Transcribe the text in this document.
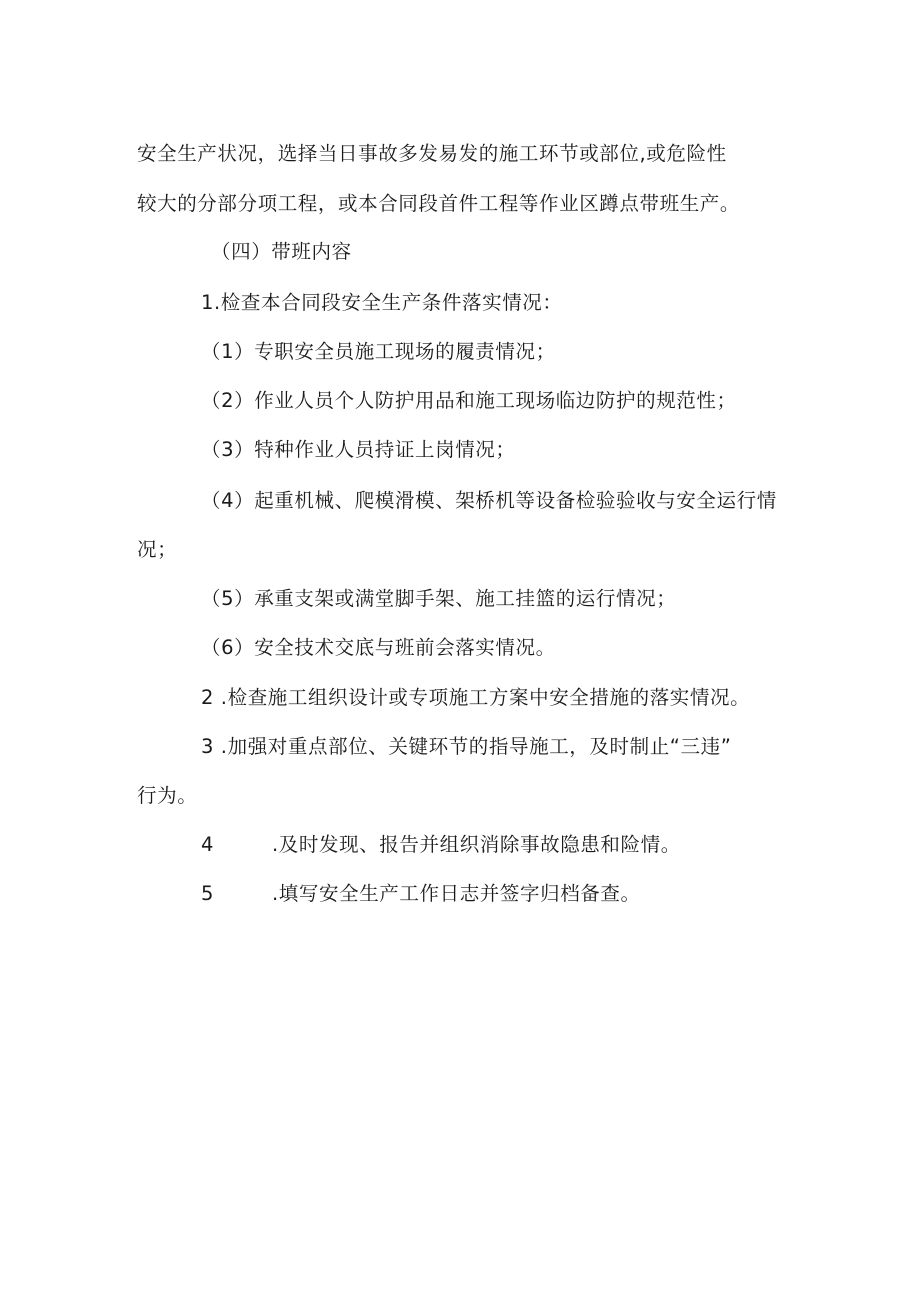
安全生产状况，选择当日事故多发易发的施工环节或部位,或危险性
较大的分部分项工程，或本合同段首件工程等作业区蹲点带班生产。
（四）带班内容
1.检查本合同段安全生产条件落实情况：
（1）专职安全员施工现场的履责情况；
（2）作业人员个人防护用品和施工现场临边防护的规范性；
（3）特种作业人员持证上岗情况；
（4）起重机械、爬模滑模、架桥机等设备检验验收与安全运行情
况；
（5）承重支架或满堂脚手架、施工挂篮的运行情况；
（6）安全技术交底与班前会落实情况。
2 .检查施工组织设计或专项施工方案中安全措施的落实情况。
3 .加强对重点部位、关键环节的指导施工，及时制止“三违”
行为。
4	.及时发现、报告并组织消除事故隐患和险情。
5	.填写安全生产工作日志并签字归档备查。
